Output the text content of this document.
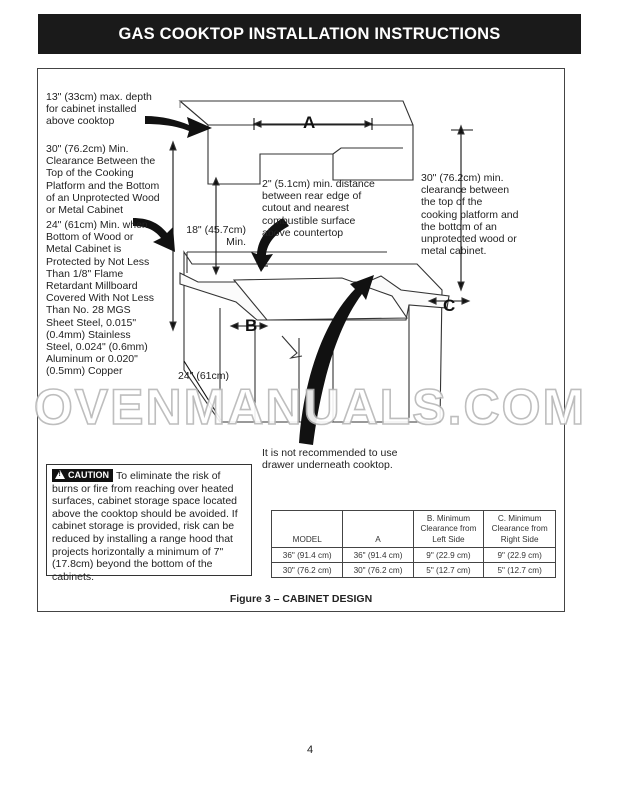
GAS COOKTOP INSTALLATION INSTRUCTIONS

13" (33cm) max. depth for cabinet installed above cooktop

30" (76.2cm) Min. Clearance Between the Top of the Cooking Platform and the Bottom of an Unprotected Wood or Metal Cabinet

24" (61cm) Min. when Bottom of Wood or Metal Cabinet is Protected by Not Less Than 1/8" Flame Retardant Millboard Covered With Not Less Than No. 28 MGS Sheet Steel, 0.015" (0.4mm) Stainless Steel, 0.024" (0.6mm) Aluminum or 0.020" (0.5mm) Copper

18" (45.7cm) Min.

2" (5.1cm) min. distance between rear edge of cutout and nearest combustible surface above countertop

30" (76.2cm) min. clearance between the top of the cooking platform and the bottom of an unprotected wood or metal cabinet.

24" (61cm)

It is not recommended to use drawer underneath cooktop.

A
B
C
OVENMANUALS.COM
! CAUTION To eliminate the risk of burns or fire from reaching over heated surfaces, cabinet storage space located above the cooktop should be avoided. If cabinet storage is provided, risk can be reduced by installing a range hood that projects horizontally a minimum of 7" (17.8cm) beyond the bottom of the cabinets.
MODEL	A	B. Minimum Clearance from Left Side	C. Minimum Clearance from Right Side
36" (91.4 cm)	36" (91.4 cm)	9" (22.9 cm)	9" (22.9 cm)
30" (76.2 cm)	30" (76.2 cm)	5" (12.7 cm)	5" (12.7 cm)
Figure 3 – CABINET DESIGN
4
